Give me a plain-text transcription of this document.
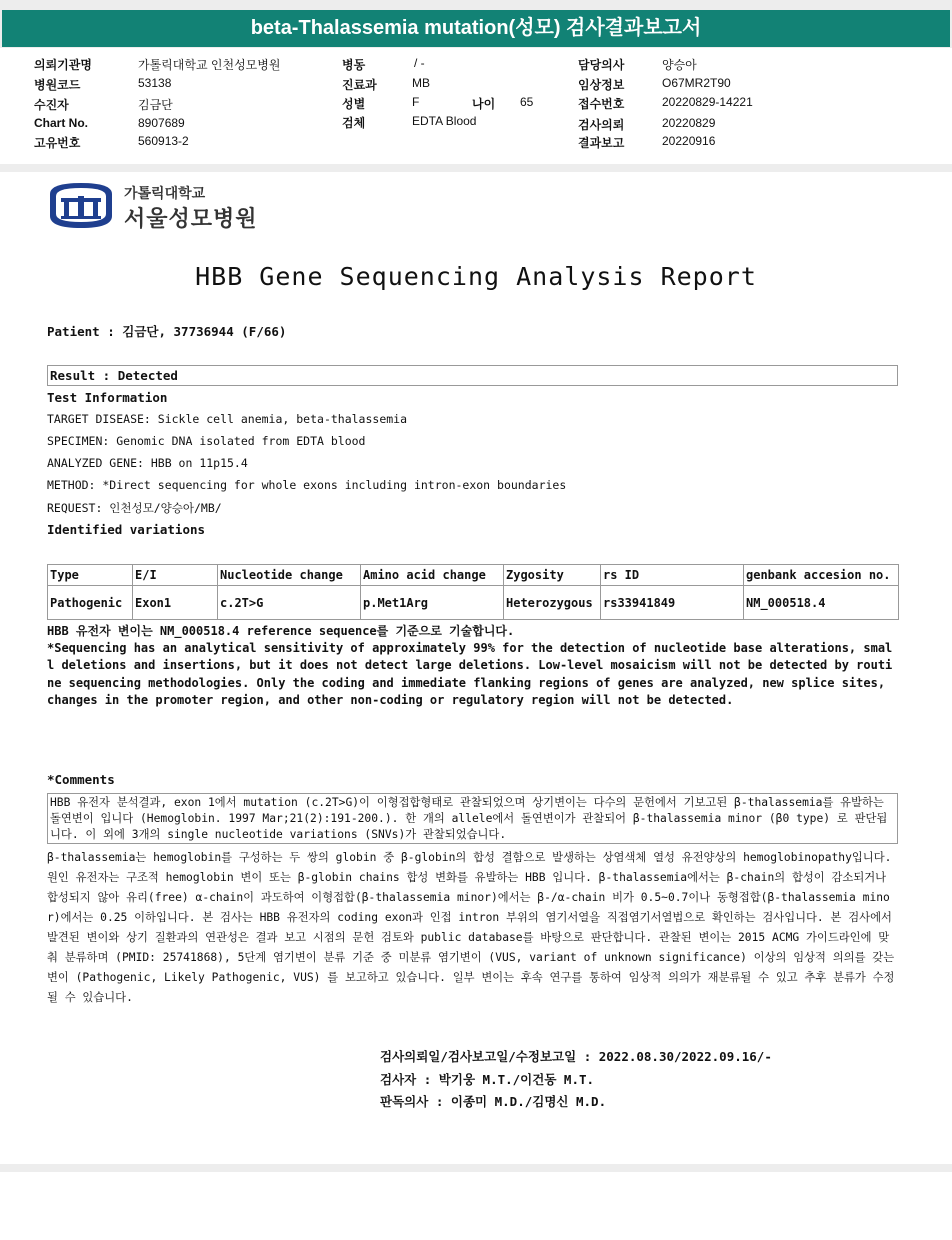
beta-Thalassemia mutation(성모) 검사결과보고서
의뢰기관명	가톨릭대학교 인천성모병원
병원코드	53138
수진자	김금단
Chart No.	8907689
고유번호	560913-2
병동	/ -
진료과	MB
성별	F	나이 65
검체	EDTA Blood
담당의사	양승아
임상정보	O67MR2T90
접수번호	20220829-14221
검사의뢰	20220829
결과보고	20220916
가톨릭대학교
서울성모병원
HBB Gene Sequencing Analysis Report
Patient : 김금단, 37736944 (F/66)
Result : Detected
Test Information
TARGET DISEASE: Sickle cell anemia, beta-thalassemia
SPECIMEN: Genomic DNA isolated from EDTA blood
ANALYZED GENE: HBB on 11p15.4
METHOD: *Direct sequencing for whole exons including intron-exon boundaries
REQUEST: 인천성모/양승아/MB/
Identified variations
Type	E/I	Nucleotide change	Amino acid change	Zygosity	rs ID	genbank accesion no.
Pathogenic	Exon1	c.2T>G	p.Met1Arg	Heterozygous	rs33941849	NM_000518.4
HBB 유전자 변이는 NM_000518.4 reference sequence를 기준으로 기술합니다.
*Sequencing has an analytical sensitivity of approximately 99% for the detection of nucleotide base alterations, small deletions and insertions, but it does not detect large deletions. Low-level mosaicism will not be detected by routine sequencing methodologies. Only the coding and immediate flanking regions of genes are analyzed, new splice sites, changes in the promoter region, and other non-coding or regulatory region will not be detected.
*Comments
HBB 유전자 분석결과, exon 1에서 mutation (c.2T>G)이 이형접합형태로 관찰되었으며 상기변이는 다수의 문헌에서 기보고된 β-thalassemia를 유발하는 돌연변이 입니다 (Hemoglobin. 1997 Mar;21(2):191-200.). 한 개의 allele에서 돌연변이가 관찰되어 β-thalassemia minor (β0 type) 로 판단됩니다. 이 외에 3개의 single nucleotide variations (SNVs)가 관찰되었습니다.
β-thalassemia는 hemoglobin를 구성하는 두 쌍의 globin 중 β-globin의 합성 결함으로 발생하는 상염색체 열성 유전양상의 hemoglobinopathy입니다. 원인 유전자는 구조적 hemoglobin 변이 또는 β-globin chains 합성 변화를 유발하는 HBB 입니다. β-thalassemia에서는 β-chain의 합성이 감소되거나 합성되지 않아 유리(free) α-chain이 과도하여 이형접합(β-thalassemia minor)에서는 β-/α-chain 비가 0.5~0.7이나 동형접합(β-thalassemia minor)에서는 0.25 이하입니다. 본 검사는 HBB 유전자의 coding exon과 인접 intron 부위의 염기서열을 직접염기서열법으로 확인하는 검사입니다. 본 검사에서 발견된 변이와 상기 질환과의 연관성은 결과 보고 시점의 문헌 검토와 public database를 바탕으로 판단합니다. 관찰된 변이는 2015 ACMG 가이드라인에 맞춰 분류하며 (PMID: 25741868), 5단계 염기변이 분류 기준 중 미분류 염기변이 (VUS, variant of unknown significance) 이상의 임상적 의의를 갖는 변이 (Pathogenic, Likely Pathogenic, VUS) 를 보고하고 있습니다. 일부 변이는 후속 연구를 통하여 임상적 의의가 재분류될 수 있고 추후 분류가 수정될 수 있습니다.
검사의뢰일/검사보고일/수정보고일 : 2022.08.30/2022.09.16/-
검사자 : 박기웅 M.T./이건동 M.T.
판독의사 : 이종미 M.D./김명신 M.D.
